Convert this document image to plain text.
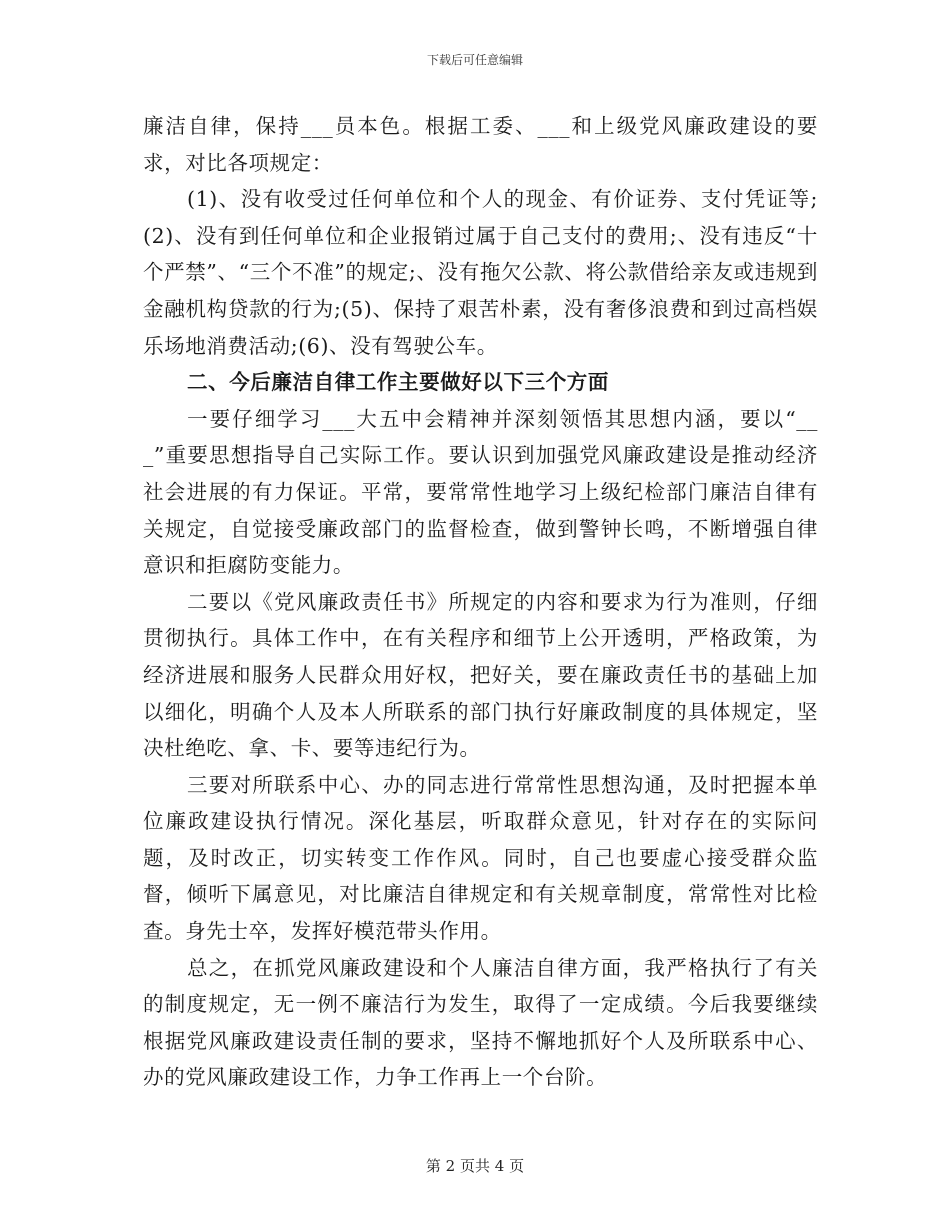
下载后可任意编辑

廉洁自律，保持___员本色。根据工委、___和上级党风廉政建设的要求，对比各项规定：

(1)、没有收受过任何单位和个人的现金、有价证券、支付凭证等;(2)、没有到任何单位和企业报销过属于自己支付的费用;、没有违反“十个严禁”、“三个不准”的规定;、没有拖欠公款、将公款借给亲友或违规到金融机构贷款的行为;(5)、保持了艰苦朴素，没有奢侈浪费和到过高档娱乐场地消费活动;(6)、没有驾驶公车。

二、今后廉洁自律工作主要做好以下三个方面

一要仔细学习___大五中会精神并深刻领悟其思想内涵，要以“___”重要思想指导自己实际工作。要认识到加强党风廉政建设是推动经济社会进展的有力保证。平常，要常常性地学习上级纪检部门廉洁自律有关规定，自觉接受廉政部门的监督检查，做到警钟长鸣，不断增强自律意识和拒腐防变能力。

二要以《党风廉政责任书》所规定的内容和要求为行为准则，仔细贯彻执行。具体工作中，在有关程序和细节上公开透明，严格政策，为经济进展和服务人民群众用好权，把好关，要在廉政责任书的基础上加以细化，明确个人及本人所联系的部门执行好廉政制度的具体规定，坚决杜绝吃、拿、卡、要等违纪行为。

三要对所联系中心、办的同志进行常常性思想沟通，及时把握本单位廉政建设执行情况。深化基层，听取群众意见，针对存在的实际问题，及时改正，切实转变工作作风。同时，自己也要虚心接受群众监督，倾听下属意见，对比廉洁自律规定和有关规章制度，常常性对比检查。身先士卒，发挥好模范带头作用。

总之，在抓党风廉政建设和个人廉洁自律方面，我严格执行了有关的制度规定，无一例不廉洁行为发生，取得了一定成绩。今后我要继续根据党风廉政建设责任制的要求，坚持不懈地抓好个人及所联系中心、办的党风廉政建设工作，力争工作再上一个台阶。

第 2 页共 4 页
